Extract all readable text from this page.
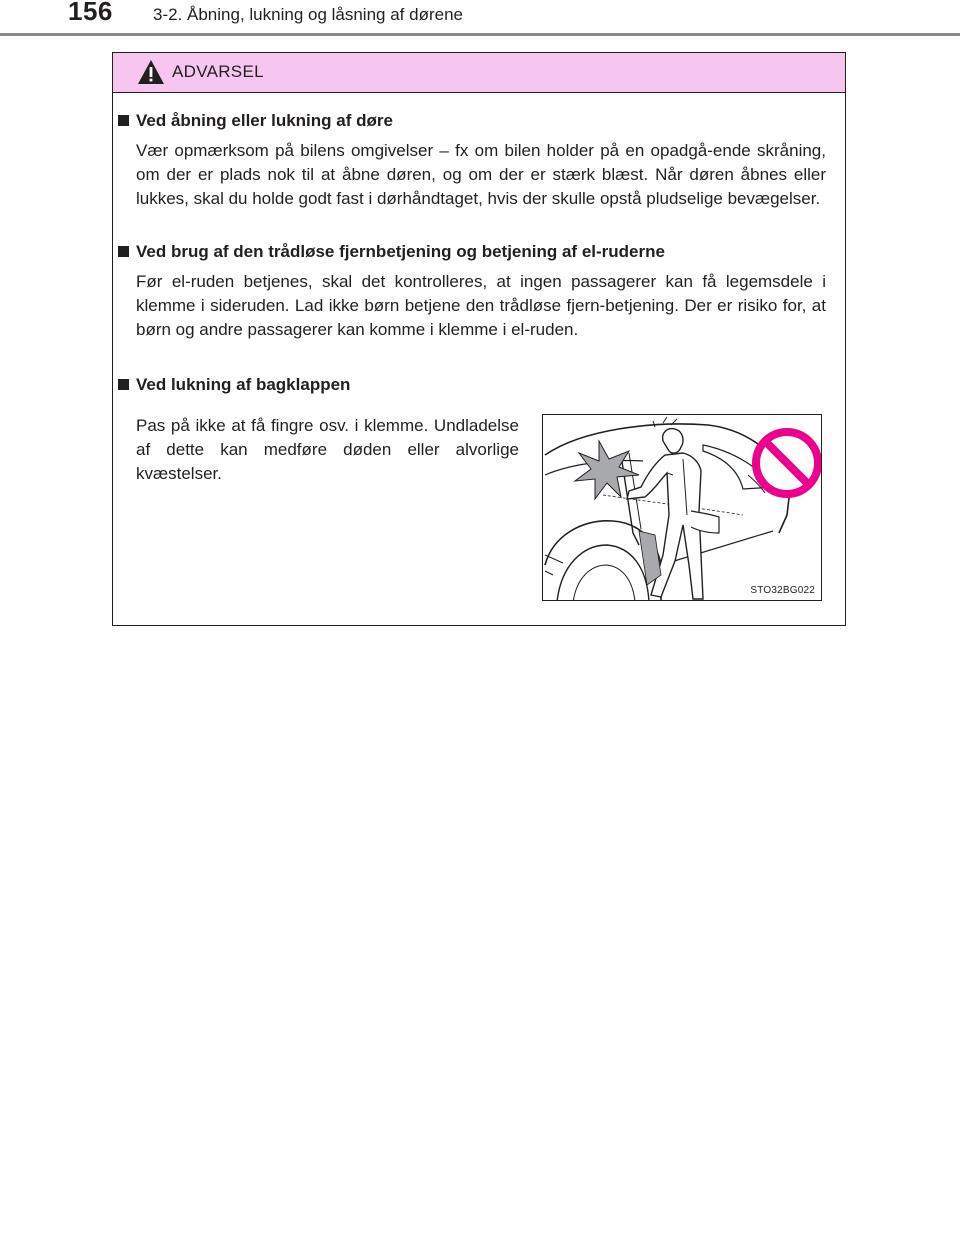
156 3-2. Åbning, lukning og låsning af dørene
ADVARSEL
Ved åbning eller lukning af døre

Vær opmærksom på bilens omgivelser – fx om bilen holder på en opadgå-ende skråning, om der er plads nok til at åbne døren, og om der er stærk blæst. Når døren åbnes eller lukkes, skal du holde godt fast i dørhåndtaget, hvis der skulle opstå pludselige bevægelser.

Ved brug af den trådløse fjernbetjening og betjening af el-ruderne

Før el-ruden betjenes, skal det kontrolleres, at ingen passagerer kan få legemsdele i klemme i sideruden. Lad ikke børn betjene den trådløse fjern-betjening. Der er risiko for, at børn og andre passagerer kan komme i klemme i el-ruden.

Ved lukning af bagklappen

Pas på ikke at få fingre osv. i klemme. Undladelse af dette kan medføre døden eller alvorlige kvæstelser.

STO32BG022
